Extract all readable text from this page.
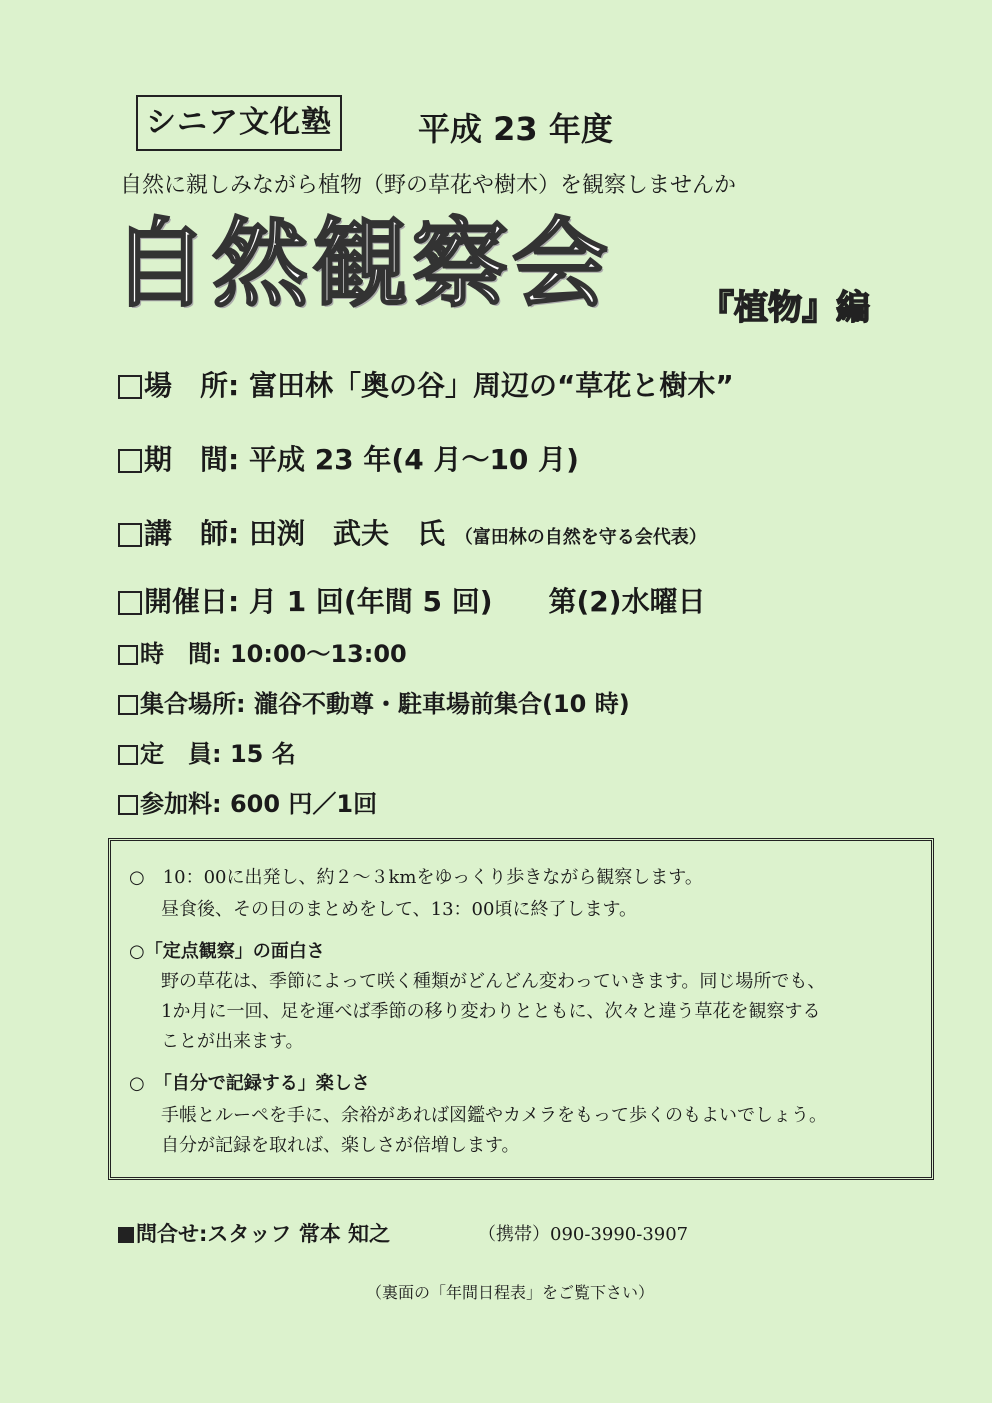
シニア文化塾	平成 23 年度
自然に親しみながら植物（野の草花や樹木）を観察しませんか
自然観察会	『植物』編
場　所: 富田林「奥の谷」周辺の“草花と樹木”
期　間: 平成 23 年(4 月～10 月)
講　師: 田渕　武夫　氏 （富田林の自然を守る会代表）
開催日: 月 1 回(年間 5 回)　　第(2)水曜日
時　間: 10:00～13:00
集合場所: 瀧谷不動尊・駐車場前集合(10 時)
定　員: 15 名
参加料: 600 円／1回
○　10：00に出発し、約２～３kmをゆっくり歩きながら観察します。
昼食後、その日のまとめをして、13：00頃に終了します。
○「定点観察」の面白さ
野の草花は、季節によって咲く種類がどんどん変わっていきます。同じ場所でも、
1か月に一回、足を運べば季節の移り変わりとともに、次々と違う草花を観察する
ことが出来ます。
○　「自分で記録する」楽しさ
手帳とルーペを手に、余裕があれば図鑑やカメラをもって歩くのもよいでしょう。
自分が記録を取れば、楽しさが倍増します。
問合せ:スタッフ 常本 知之	（携帯）090-3990-3907
（裏面の「年間日程表」をご覧下さい）
